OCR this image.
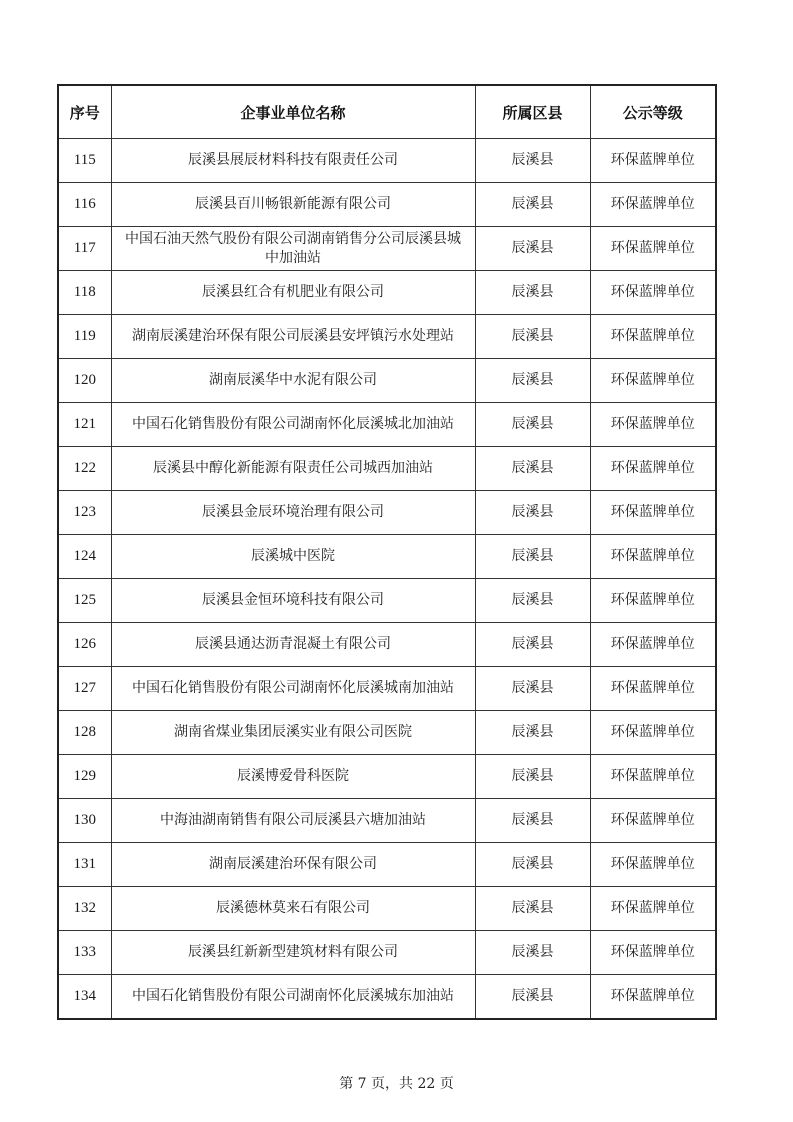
序号	企事业单位名称	所属区县	公示等级
115	辰溪县展辰材料科技有限责任公司	辰溪县	环保蓝牌单位
116	辰溪县百川畅银新能源有限公司	辰溪县	环保蓝牌单位
117	中国石油天然气股份有限公司湖南销售分公司辰溪县城中加油站	辰溪县	环保蓝牌单位
118	辰溪县红合有机肥业有限公司	辰溪县	环保蓝牌单位
119	湖南辰溪建治环保有限公司辰溪县安坪镇污水处理站	辰溪县	环保蓝牌单位
120	湖南辰溪华中水泥有限公司	辰溪县	环保蓝牌单位
121	中国石化销售股份有限公司湖南怀化辰溪城北加油站	辰溪县	环保蓝牌单位
122	辰溪县中醇化新能源有限责任公司城西加油站	辰溪县	环保蓝牌单位
123	辰溪县金辰环境治理有限公司	辰溪县	环保蓝牌单位
124	辰溪城中医院	辰溪县	环保蓝牌单位
125	辰溪县金恒环境科技有限公司	辰溪县	环保蓝牌单位
126	辰溪县通达沥青混凝土有限公司	辰溪县	环保蓝牌单位
127	中国石化销售股份有限公司湖南怀化辰溪城南加油站	辰溪县	环保蓝牌单位
128	湖南省煤业集团辰溪实业有限公司医院	辰溪县	环保蓝牌单位
129	辰溪博爱骨科医院	辰溪县	环保蓝牌单位
130	中海油湖南销售有限公司辰溪县六塘加油站	辰溪县	环保蓝牌单位
131	湖南辰溪建治环保有限公司	辰溪县	环保蓝牌单位
132	辰溪德林莫来石有限公司	辰溪县	环保蓝牌单位
133	辰溪县红新新型建筑材料有限公司	辰溪县	环保蓝牌单位
134	中国石化销售股份有限公司湖南怀化辰溪城东加油站	辰溪县	环保蓝牌单位
第 7 页，共 22 页
